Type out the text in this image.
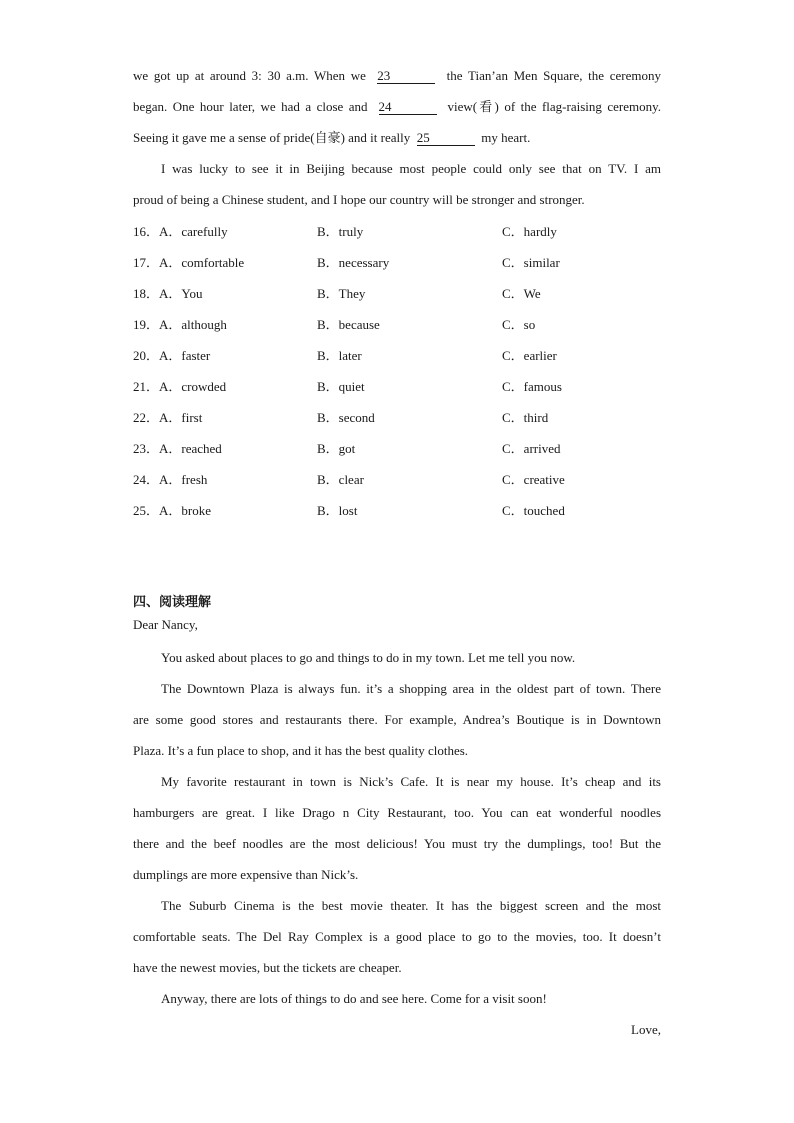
we got up at around 3: 30 a.m. When we 23	the Tian’an Men Square, the ceremony

began. One hour later, we had a close and 24	view(看) of the flag-raising ceremony.

Seeing it gave me a sense of pride(自豪) and it really 25	my heart.

I was lucky to see it in Beijing because most people could only see that on TV. I am

proud of being a Chinese student, and I hope our country will be stronger and stronger.

16．A．carefully	B．truly	C．hardly
17．A．comfortable	B．necessary	C．similar
18．A．You	B．They	C．We
19．A．although	B．because	C．so
20．A．faster	B．later	C．earlier
21．A．crowded	B．quiet	C．famous
22．A．first	B．second	C．third
23．A．reached	B．got	C．arrived
24．A．fresh	B．clear	C．creative
25．A．broke	B．lost	C．touched
四、阅读理解

Dear Nancy,

You asked about places to go and things to do in my town. Let me tell you now.

The Downtown Plaza is always fun. it’s a shopping area in the oldest part of town. There

are some good stores and restaurants there. For example, Andrea’s Boutique is in Downtown

Plaza. It’s a fun place to shop, and it has the best quality clothes.

My favorite restaurant in town is Nick’s Cafe. It is near my house. It’s cheap and its

hamburgers are great. I like Drago n City Restaurant, too. You can eat wonderful noodles

there and the beef noodles are the most delicious! You must try the dumplings, too! But the

dumplings are more expensive than Nick’s.

The Suburb Cinema is the best movie theater. It has the biggest screen and the most

comfortable seats. The Del Ray Complex is a good place to go to the movies, too. It doesn’t

have the newest movies, but the tickets are cheaper.

Anyway, there are lots of things to do and see here. Come for a visit soon!

Love,
